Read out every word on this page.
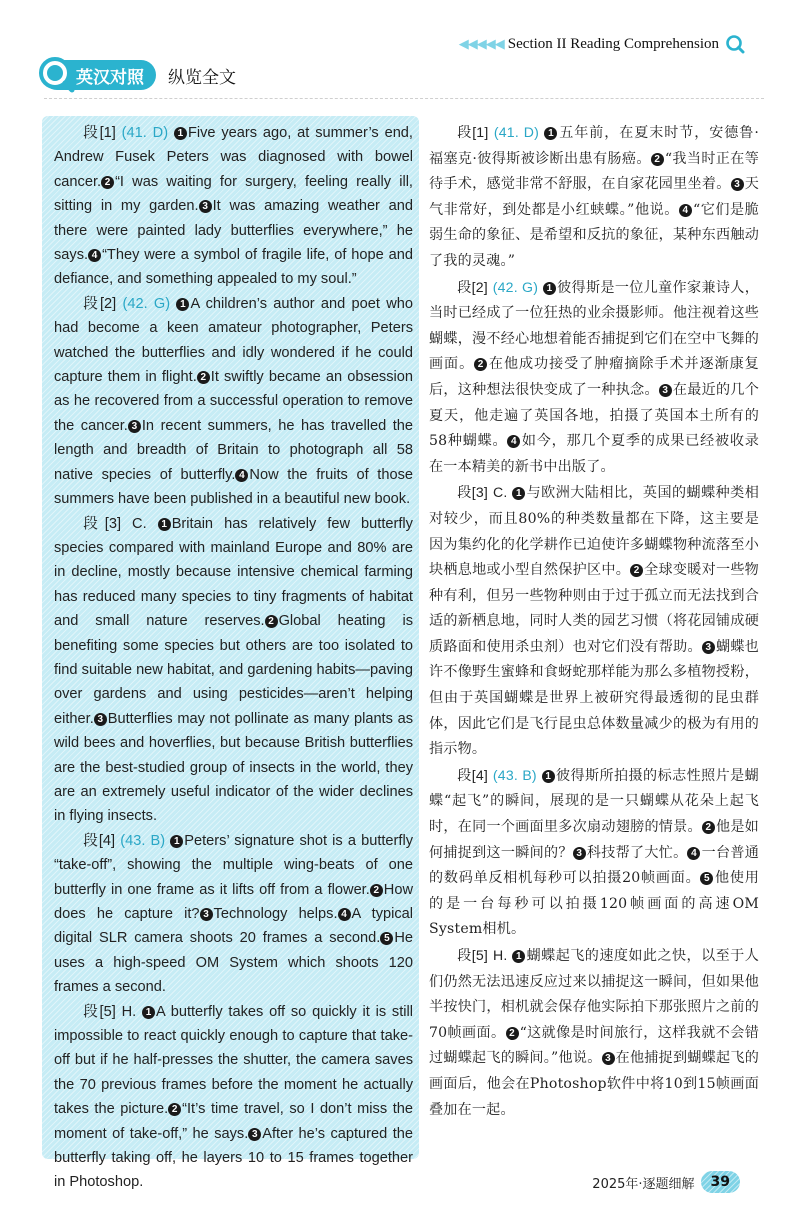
◀◀◀◀◀ Section II Reading Comprehension
英汉对照 纵览全文

段[1] (41. D) 1 Five years ago, at summer’s end, Andrew Fusek Peters was diagnosed with bowel cancer. 2 “I was waiting for surgery, feeling really ill, sitting in my garden. 3 It was amazing weather and there were painted lady butterflies everywhere,” he says. 4 “They were a symbol of fragile life, of hope and defiance, and something appealed to my soul.”

段[2] (42. G) 1 A children’s author and poet who had become a keen amateur photographer, Peters watched the butterflies and idly wondered if he could capture them in flight. 2 It swiftly became an obsession as he recovered from a successful operation to remove the cancer. 3 In recent summers, he has travelled the length and breadth of Britain to photograph all 58 native species of butterfly. 4 Now the fruits of those summers have been published in a beautiful new book.

段[3] C. 1 Britain has relatively few butterfly species compared with mainland Europe and 80% are in decline, mostly because intensive chemical farming has reduced many species to tiny fragments of habitat and small nature reserves. 2 Global heating is benefiting some species but others are too isolated to find suitable new habitat, and gardening habits—paving over gardens and using pesticides—aren’t helping either. 3 Butterflies may not pollinate as many plants as wild bees and hoverflies, but because British butterflies are the best-studied group of insects in the world, they are an extremely useful indicator of the wider declines in flying insects.

段[4] (43. B) 1 Peters’ signature shot is a butterfly “take-off”, showing the multiple wing-beats of one butterfly in one frame as it lifts off from a flower. 2 How does he capture it? 3 Technology helps. 4 A typical digital SLR camera shoots 20 frames a second. 5 He uses a high-speed OM System which shoots 120 frames a second.

段[5] H. 1 A butterfly takes off so quickly it is still impossible to react quickly enough to capture that take-off but if he half-presses the shutter, the camera saves the 70 previous frames before the moment he actually takes the picture. 2 “It’s time travel, so I don’t miss the moment of take-off,” he says. 3 After he’s captured the butterfly taking off, he layers 10 to 15 frames together in Photoshop.

段[1] (41. D) 1 五年前，在夏末时节，安德鲁·福塞克·彼得斯被诊断出患有肠癌。 2 “我当时正在等待手术，感觉非常不舒服，在自家花园里坐着。 3 天气非常好，到处都是小红蛱蝶。”他说。 4 “它们是脆弱生命的象征、是希望和反抗的象征，某种东西触动了我的灵魂。”

段[2] (42. G) 1 彼得斯是一位儿童作家兼诗人，当时已经成了一位狂热的业余摄影师。他注视着这些蝴蝶，漫不经心地想着能否捕捉到它们在空中飞舞的画面。 2 在他成功接受了肿瘤摘除手术并逐渐康复后，这种想法很快变成了一种执念。 3 在最近的几个夏天，他走遍了英国各地，拍摄了英国本土所有的58种蝴蝶。 4 如今，那几个夏季的成果已经被收录在一本精美的新书中出版了。

段[3] C. 1 与欧洲大陆相比，英国的蝴蝶种类相对较少，而且80%的种类数量都在下降，这主要是因为集约化的化学耕作已迫使许多蝴蝶物种流落至小块栖息地或小型自然保护区中。 2 全球变暖对一些物种有利，但另一些物种则由于过于孤立而无法找到合适的新栖息地，同时人类的园艺习惯（将花园铺成硬质路面和使用杀虫剂）也对它们没有帮助。 3 蝴蝶也许不像野生蜜蜂和食蚜蛇那样能为那么多植物授粉，但由于英国蝴蝶是世界上被研究得最透彻的昆虫群体，因此它们是飞行昆虫总体数量减少的极为有用的指示物。

段[4] (43. B) 1 彼得斯所拍摄的标志性照片是蝴蝶“起飞”的瞬间，展现的是一只蝴蝶从花朵上起飞时，在同一个画面里多次扇动翅膀的情景。 2 他是如何捕捉到这一瞬间的？ 3 科技帮了大忙。 4 一台普通的数码单反相机每秒可以拍摄20帧画面。 5 他使用的是一台每秒可以拍摄120帧画面的高速OM System相机。

段[5] H. 1 蝴蝶起飞的速度如此之快，以至于人们仍然无法迅速反应过来以捕捉这一瞬间，但如果他半按快门，相机就会保存他实际拍下那张照片之前的70帧画面。 2 “这就像是时间旅行，这样我就不会错过蝴蝶起飞的瞬间。”他说。 3 在他捕捉到蝴蝶起飞的画面后，他会在Photoshop软件中将10到15帧画面叠加在一起。

2025年·逐题细解	39
